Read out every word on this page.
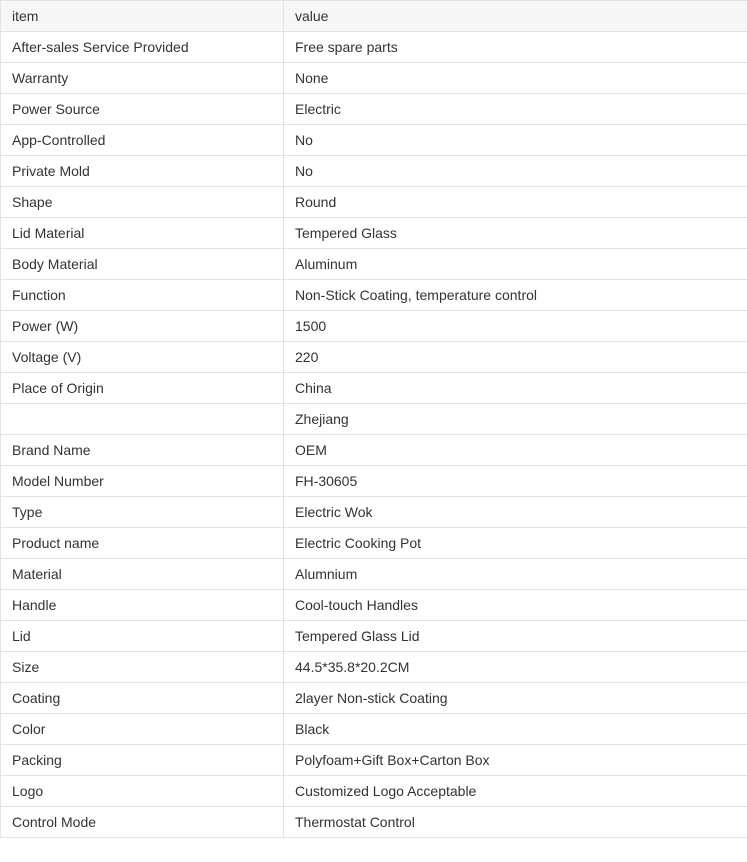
item	value
After-sales Service Provided	Free spare parts
Warranty	None
Power Source	Electric
App-Controlled	No
Private Mold	No
Shape	Round
Lid Material	Tempered Glass
Body Material	Aluminum
Function	Non-Stick Coating, temperature control
Power (W)	1500
Voltage (V)	220
Place of Origin	China
	Zhejiang
Brand Name	OEM
Model Number	FH-30605
Type	Electric Wok
Product name	Electric Cooking Pot
Material	Alumnium
Handle	Cool-touch Handles
Lid	Tempered Glass Lid
Size	44.5*35.8*20.2CM
Coating	2layer Non-stick Coating
Color	Black
Packing	Polyfoam+Gift Box+Carton Box
Logo	Customized Logo Acceptable
Control Mode	Thermostat Control
